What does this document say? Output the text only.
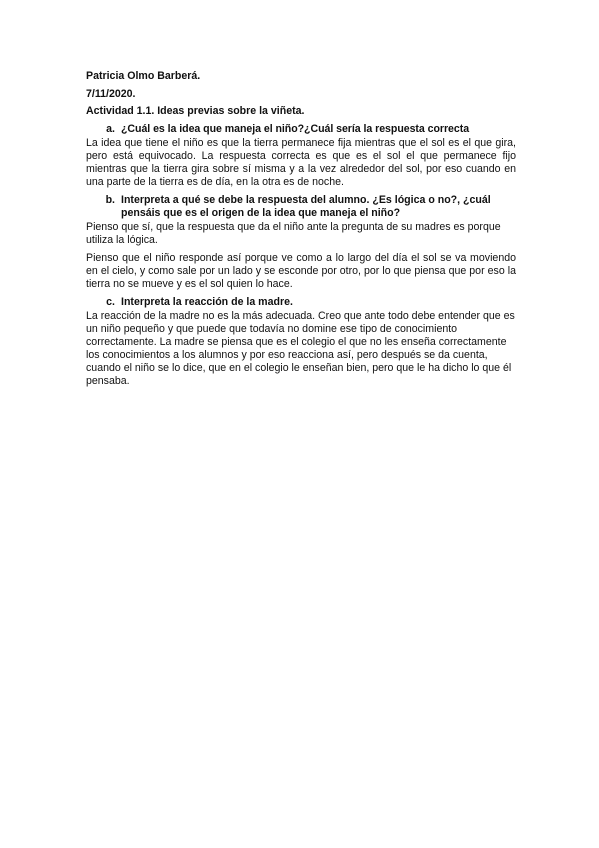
Patricia Olmo Barberá.
7/11/2020.
Actividad 1.1. Ideas previas sobre la viñeta.
a. ¿Cuál es la idea que maneja el niño?¿Cuál sería la respuesta correcta

La idea que tiene el niño es que la tierra permanece fija mientras que el sol es el que gira, pero está equivocado. La respuesta correcta es que es el sol el que permanece fijo mientras que la tierra gira sobre sí misma y a la vez alrededor del sol, por eso cuando en una parte de la tierra es de día, en la otra es de noche.

b. Interpreta a qué se debe la respuesta del alumno. ¿Es lógica o no?, ¿cuál pensáis que es el origen de la idea que maneja el niño?

Pienso que sí, que la respuesta que da el niño ante la pregunta de su madres es porque utiliza la lógica.

Pienso que el niño responde así porque ve como a lo largo del día el sol se va moviendo en el cielo, y como sale por un lado y se esconde por otro, por lo que piensa que por eso la tierra no se mueve y es el sol quien lo hace.

c. Interpreta la reacción de la madre.

La reacción de la madre no es la más adecuada. Creo que ante todo debe entender que es un niño pequeño y que puede que todavía no domine ese tipo de conocimiento correctamente. La madre se piensa que es el colegio el que no les enseña correctamente los conocimientos a los alumnos y por eso reacciona así, pero después se da cuenta, cuando el niño se lo dice, que en el colegio le enseñan bien, pero que le ha dicho lo que él pensaba.
